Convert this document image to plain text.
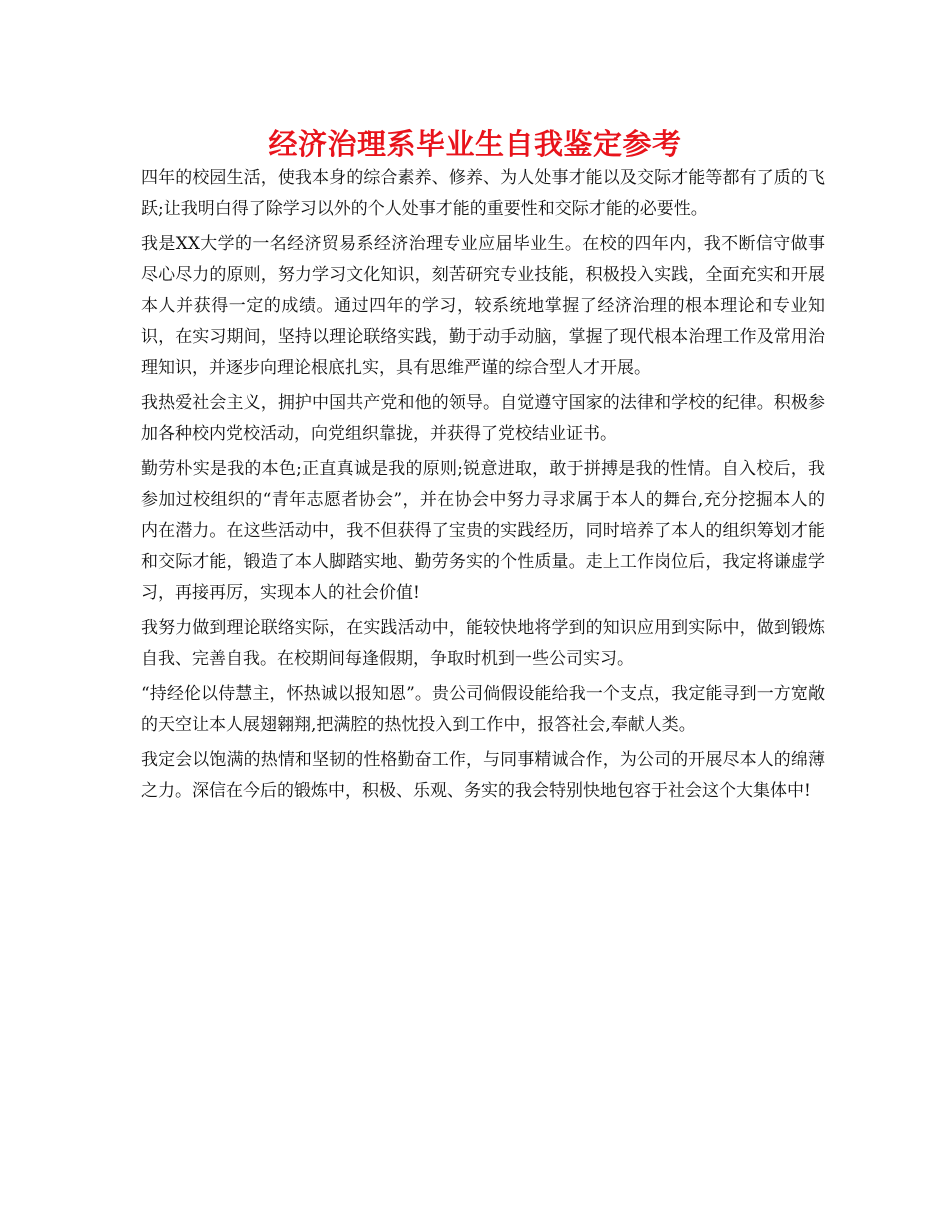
经济治理系毕业生自我鉴定参考

四年的校园生活，使我本身的综合素养、修养、为人处事才能以及交际才能等都有了质的飞跃;让我明白得了除学习以外的个人处事才能的重要性和交际才能的必要性。

我是XX大学的一名经济贸易系经济治理专业应届毕业生。在校的四年内，我不断信守做事尽心尽力的原则，努力学习文化知识，刻苦研究专业技能，积极投入实践，全面充实和开展本人并获得一定的成绩。通过四年的学习，较系统地掌握了经济治理的根本理论和专业知识，在实习期间，坚持以理论联络实践，勤于动手动脑，掌握了现代根本治理工作及常用治理知识，并逐步向理论根底扎实，具有思维严谨的综合型人才开展。

我热爱社会主义，拥护中国共产党和他的领导。自觉遵守国家的法律和学校的纪律。积极参加各种校内党校活动，向党组织靠拢，并获得了党校结业证书。

勤劳朴实是我的本色;正直真诚是我的原则;锐意进取，敢于拼搏是我的性情。自入校后，我参加过校组织的“青年志愿者协会”，并在协会中努力寻求属于本人的舞台,充分挖掘本人的内在潜力。在这些活动中，我不但获得了宝贵的实践经历，同时培养了本人的组织筹划才能和交际才能，锻造了本人脚踏实地、勤劳务实的个性质量。走上工作岗位后，我定将谦虚学习，再接再厉，实现本人的社会价值!

我努力做到理论联络实际，在实践活动中，能较快地将学到的知识应用到实际中，做到锻炼自我、完善自我。在校期间每逢假期，争取时机到一些公司实习。

“持经伦以侍慧主，怀热诚以报知恩”。贵公司倘假设能给我一个支点，我定能寻到一方宽敞的天空让本人展翅翱翔,把满腔的热忱投入到工作中，报答社会,奉献人类。

我定会以饱满的热情和坚韧的性格勤奋工作，与同事精诚合作，为公司的开展尽本人的绵薄之力。深信在今后的锻炼中，积极、乐观、务实的我会特别快地包容于社会这个大集体中!
